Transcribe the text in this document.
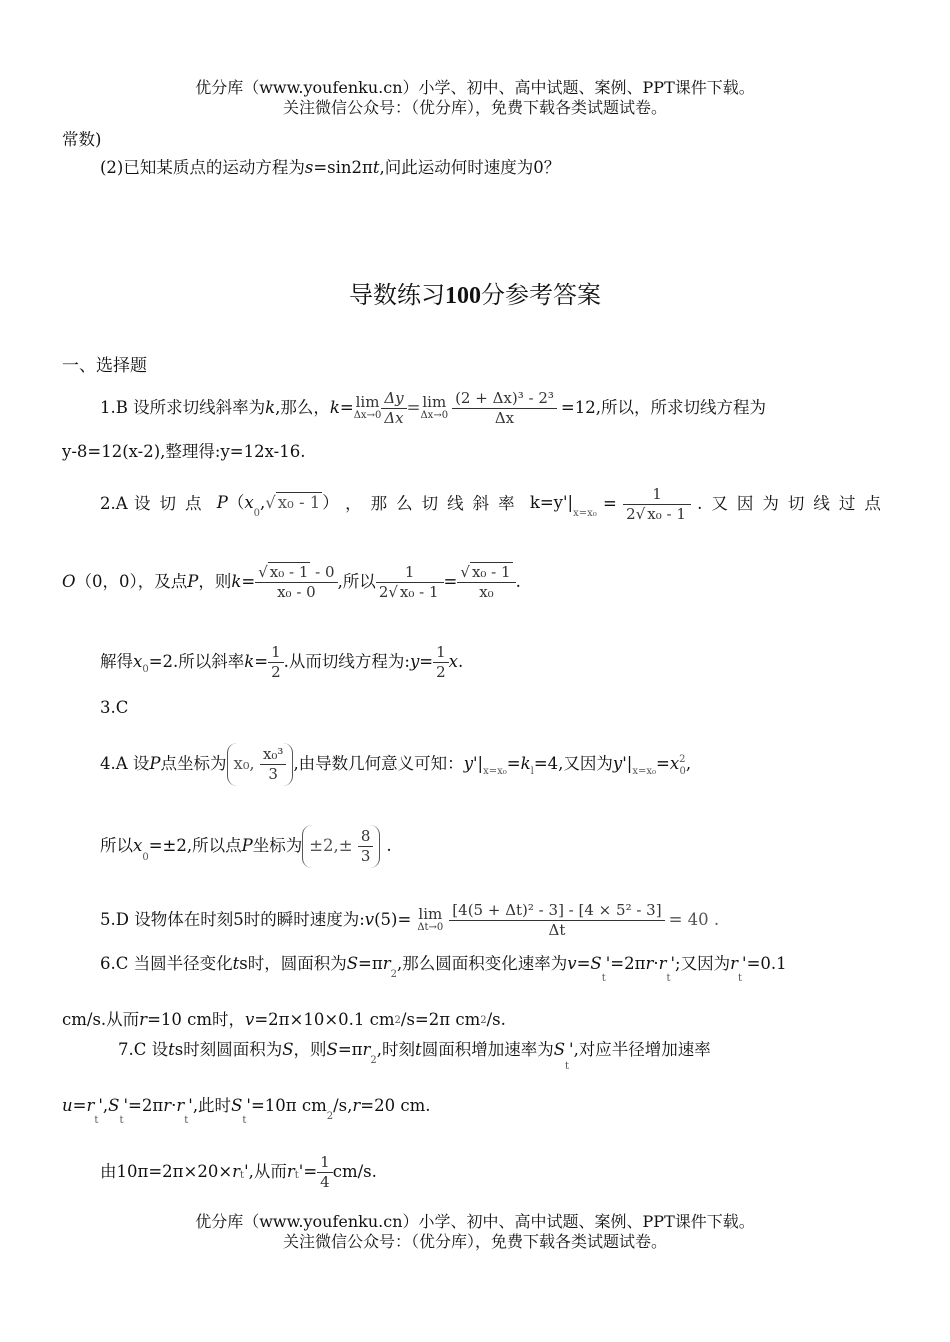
优分库（www.youfenku.cn）小学、初中、高中试题、案例、PPT课件下载。
关注微信公众号：（优分库），免费下载各类试题试卷。
常数)
(2)已知某质点的运动方程为s=sin2πt,问此运动何时速度为0？
导数练习100分参考答案
一、选择题
1.B 设所求切线斜率为 k ,那么， k = lim
$\Delta x\to 0 \frac{\Delta y}{\Delta x} = \lim$
$\Delta x\to 0 \frac{\text{(2 + Δx)³ - 2³}}{\Delta x} =12$,所以，所求切线方程为
y-8=12(x-2),整理得:y=12x-16.
2.A 设切点 $P(x_0,√$ x₀ - 1 ） ，那么切线斜率 $k=y'|_{x=x_0} = \frac{1}{\text{2√ x₀ - 1}}$ .又因为切线过点
O （0，0），及点 P ，则 $k = \frac{\text{√ x₀ - 1 - 0}}{\text{x₀ - 0}}$ ,所以 $\frac{1}{\text{2√ x₀ - 1}} = \frac{\text{√ x₀ - 1}}{\text{x₀}}$ .
解得 x 0 =2.所以斜率 $k = \frac{1}{2}$ .从而切线方程为: $y = \frac{1}{2}$ x .
3.C
4.A 设 P 点坐标为 x₀, $\frac{\text{x₀³}}{3}$ ,由导数几何意义可知： y'| x=x₀ = k l =4,又因为 y'| x=x₀ = x 2
0 ,
所以 x
0
=±2,所以点 P 坐标为 $\pm 2,\pm \frac{8}{3}$ .
5.D 设物体在时刻5时的瞬时速度为: v (5)= lim
$\Delta t\to 0 \frac{\text{[4(5 + Δt)² - 3] - [4 × 5² - 3]}}{\Delta t} = 40$ .
6.C 当圆半径变化ts时，圆面积为$S=\pi r_2$,那么圆面积变化速率为$v=S_t'=2\pi r\cdot r_t'$;又因为$r_t'=0.1$
cm/s.从而r=10 cm时，v=2π×10×0.1 cm2/s=2π cm2/s.
7.C 设ts时刻圆面积为S，则$S=\pi r_2$,时刻t圆面积增加速率为$S_t'$,对应半径增加速率
$u=r_t',S_t'=2\pi r\cdot r_t'$,此时$S_t'=10\pi$ $cm_2/s,r=20$ cm.
由10π=2π×20× r t ',从而 r t '= $\frac{1}{4} cm/s$.
优分库（www.youfenku.cn）小学、初中、高中试题、案例、PPT课件下载。
关注微信公众号：（优分库），免费下载各类试题试卷。
